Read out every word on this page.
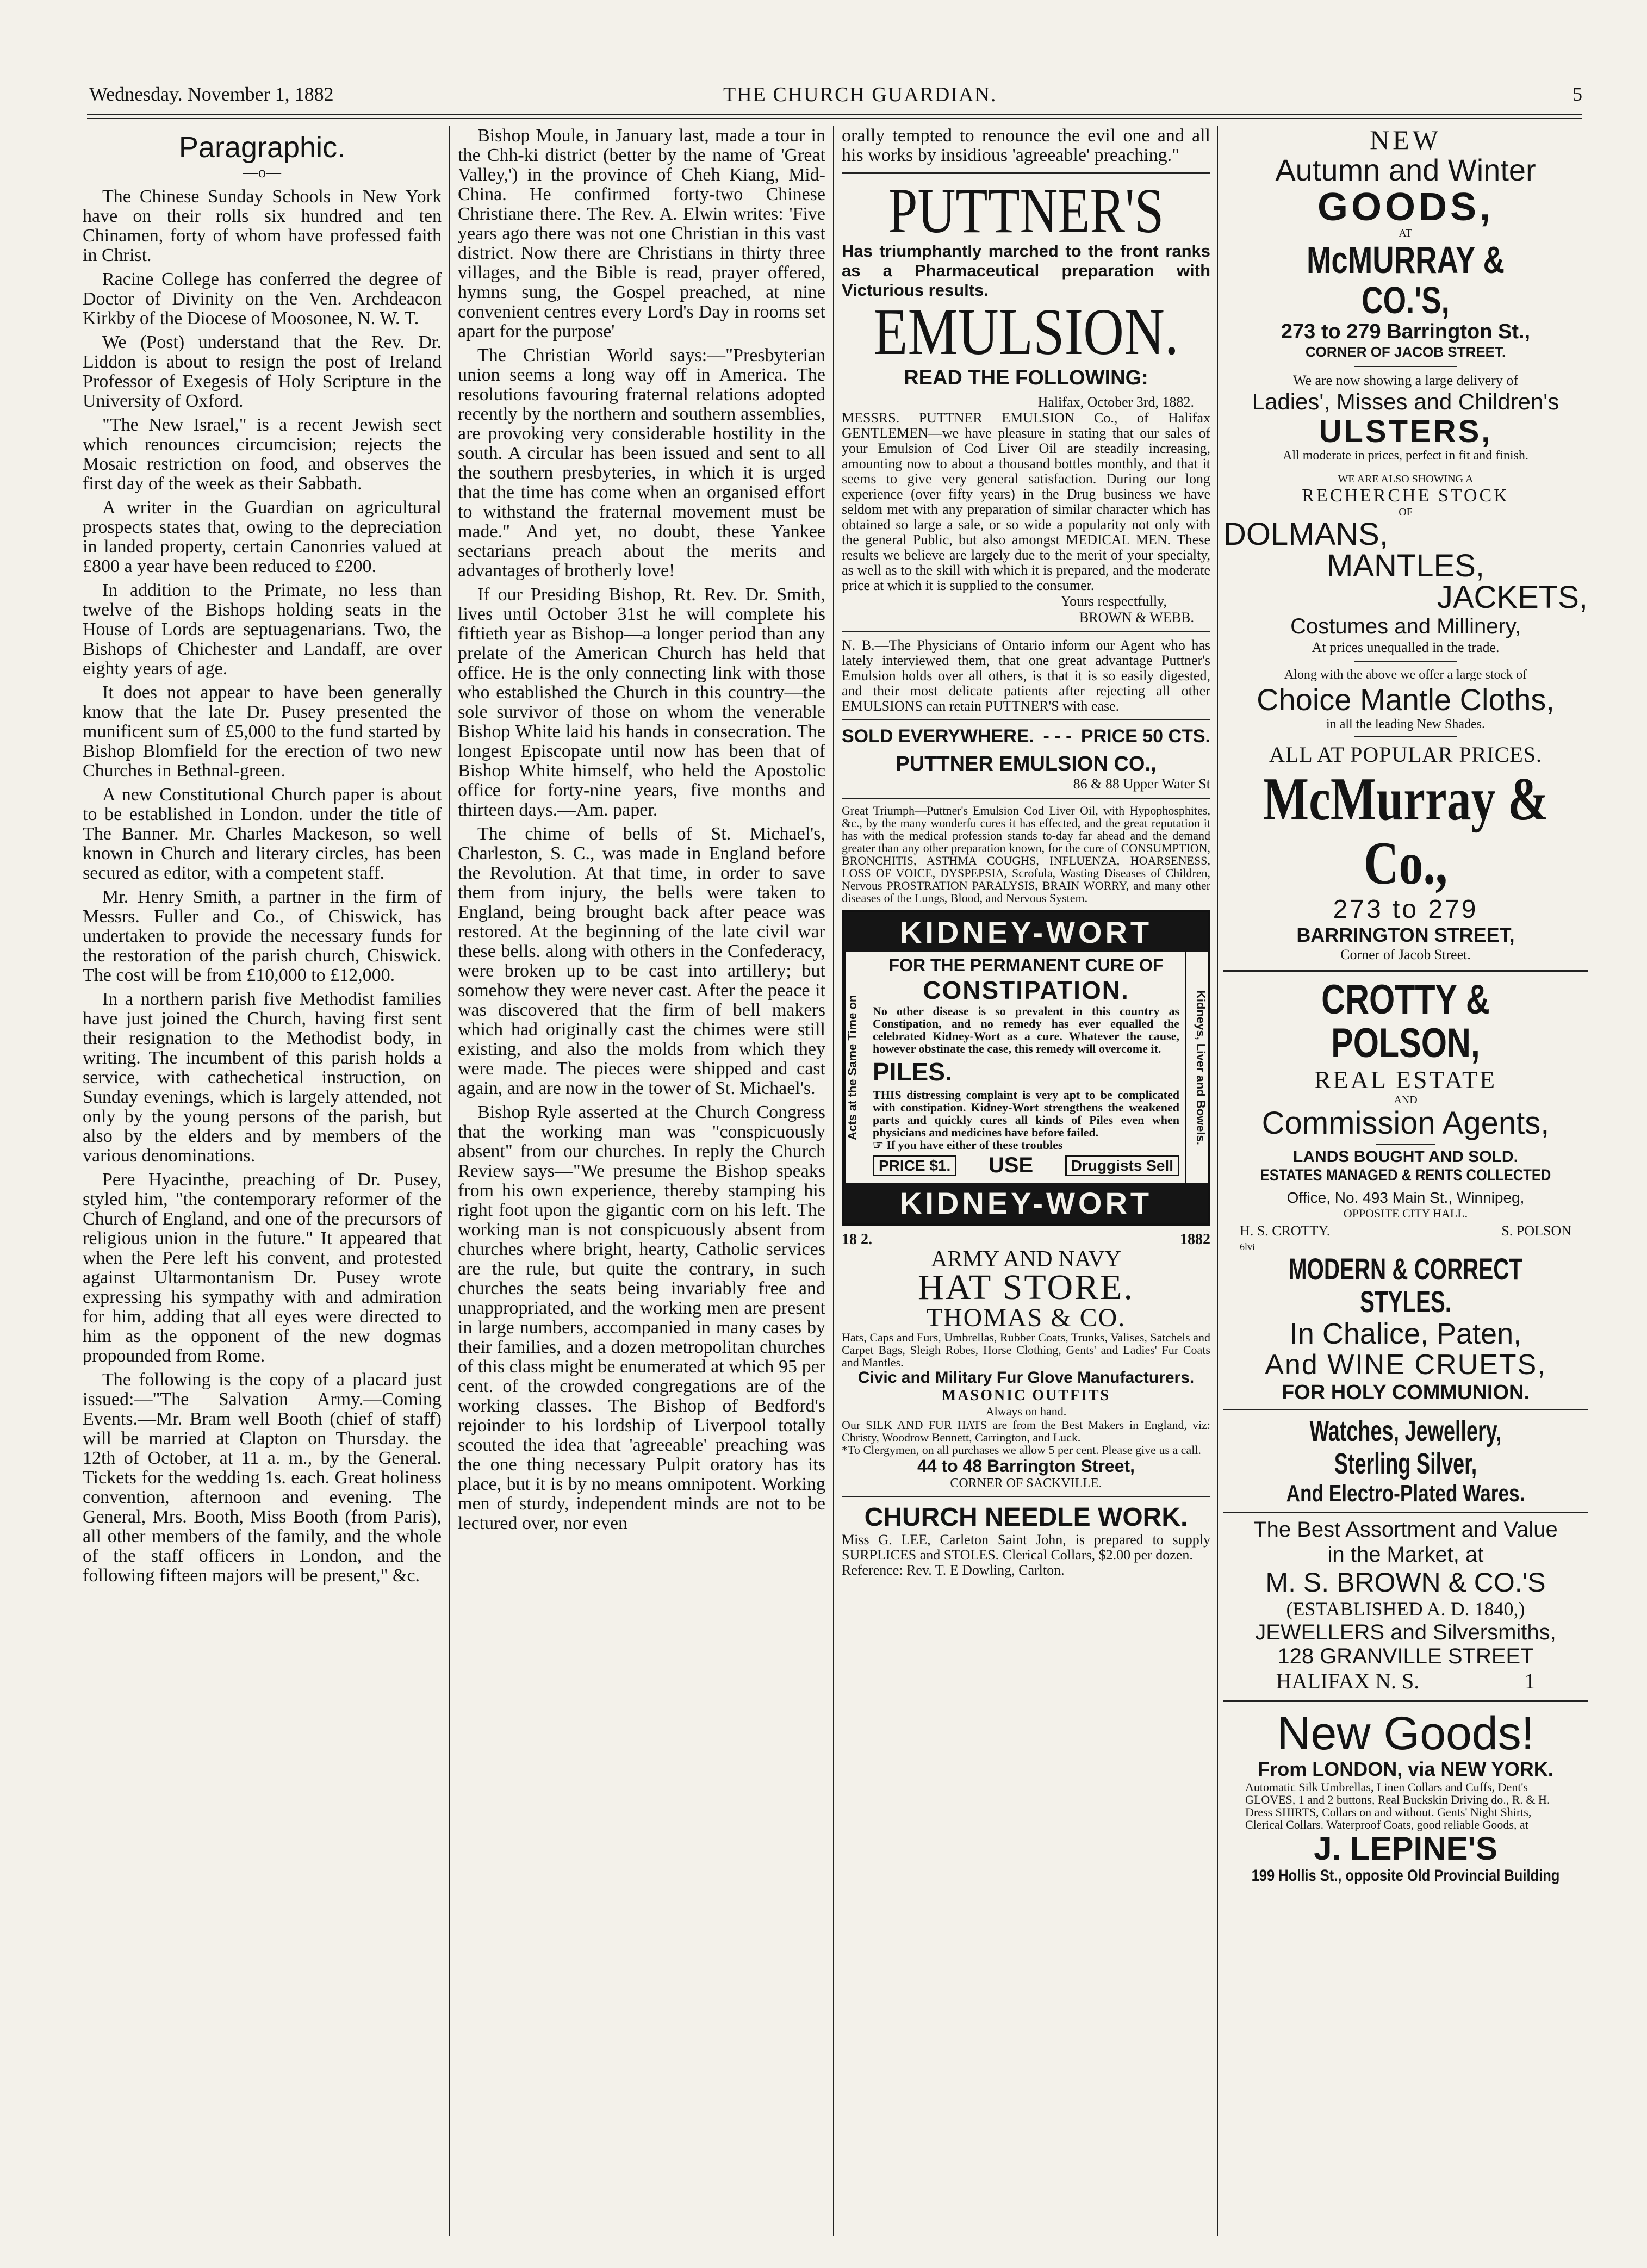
Wednesday. November 1, 1882	THE CHURCH GUARDIAN.	5
Paragraphic.
—o—

The Chinese Sunday Schools in New York have on their rolls six hundred and ten Chinamen, forty of whom have professed faith in Christ.

Racine College has conferred the degree of Doctor of Divinity on the Ven. Archdeacon Kirkby of the Diocese of Moosonee, N. W. T.

We (Post) understand that the Rev. Dr. Liddon is about to resign the post of Ireland Professor of Exegesis of Holy Scripture in the University of Oxford.

"The New Israel," is a recent Jewish sect which renounces circumcision; rejects the Mosaic restriction on food, and observes the first day of the week as their Sabbath.

A writer in the Guardian on agricultural prospects states that, owing to the depreciation in landed property, certain Canonries valued at £800 a year have been reduced to £200.

In addition to the Primate, no less than twelve of the Bishops holding seats in the House of Lords are septuagenarians. Two, the Bishops of Chichester and Landaff, are over eighty years of age.

It does not appear to have been generally know that the late Dr. Pusey presented the munificent sum of £5,000 to the fund started by Bishop Blomfield for the erection of two new Churches in Bethnal-green.

A new Constitutional Church paper is about to be established in London. under the title of The Banner. Mr. Charles Mackeson, so well known in Church and literary circles, has been secured as editor, with a competent staff.

Mr. Henry Smith, a partner in the firm of Messrs. Fuller and Co., of Chiswick, has undertaken to provide the necessary funds for the restoration of the parish church, Chiswick. The cost will be from £10,000 to £12,000.

In a northern parish five Methodist families have just joined the Church, having first sent their resignation to the Methodist body, in writing. The incumbent of this parish holds a service, with cathechetical instruction, on Sunday evenings, which is largely attended, not only by the young persons of the parish, but also by the elders and by members of the various denominations.

Pere Hyacinthe, preaching of Dr. Pusey, styled him, "the contemporary reformer of the Church of England, and one of the precursors of religious union in the future." It appeared that when the Pere left his convent, and protested against Ultarmontanism Dr. Pusey wrote expressing his sympathy with and admiration for him, adding that all eyes were directed to him as the opponent of the new dogmas propounded from Rome.

The following is the copy of a placard just issued:—"The Salvation Army.—Coming Events.—Mr. Bram well Booth (chief of staff) will be married at Clapton on Thursday. the 12th of October, at 11 a. m., by the General. Tickets for the wedding 1s. each. Great holiness convention, afternoon and evening. The General, Mrs. Booth, Miss Booth (from Paris), all other members of the family, and the whole of the staff officers in London, and the following fifteen majors will be present," &c.

Bishop Moule, in January last, made a tour in the Chh-ki district (better by the name of 'Great Valley,') in the province of Cheh Kiang, Mid-China. He confirmed forty-two Chinese Christiane there. The Rev. A. Elwin writes: 'Five years ago there was not one Christian in this vast district. Now there are Christians in thirty three villages, and the Bible is read, prayer offered, hymns sung, the Gospel preached, at nine convenient centres every Lord's Day in rooms set apart for the purpose'

The Christian World says:—"Presbyterian union seems a long way off in America. The resolutions favouring fraternal relations adopted recently by the northern and southern assemblies, are provoking very considerable hostility in the south. A circular has been issued and sent to all the southern presbyteries, in which it is urged that the time has come when an organised effort to withstand the fraternal movement must be made." And yet, no doubt, these Yankee sectarians preach about the merits and advantages of brotherly love!

If our Presiding Bishop, Rt. Rev. Dr. Smith, lives until October 31st he will complete his fiftieth year as Bishop—a longer period than any prelate of the American Church has held that office. He is the only connecting link with those who established the Church in this country—the sole survivor of those on whom the venerable Bishop White laid his hands in consecration. The longest Episcopate until now has been that of Bishop White himself, who held the Apostolic office for forty-nine years, five months and thirteen days.—Am. paper.

The chime of bells of St. Michael's, Charleston, S. C., was made in England before the Revolution. At that time, in order to save them from injury, the bells were taken to England, being brought back after peace was restored. At the beginning of the late civil war these bells. along with others in the Confederacy, were broken up to be cast into artillery; but somehow they were never cast. After the peace it was discovered that the firm of bell makers which had originally cast the chimes were still existing, and also the molds from which they were made. The pieces were shipped and cast again, and are now in the tower of St. Michael's.

Bishop Ryle asserted at the Church Congress that the working man was "conspicuously absent" from our churches. In reply the Church Review says—"We presume the Bishop speaks from his own experience, thereby stamping his right foot upon the gigantic corn on his left. The working man is not conspicuously absent from churches where bright, hearty, Catholic services are the rule, but quite the contrary, in such churches the seats being invariably free and unappropriated, and the working men are present in large numbers, accompanied in many cases by their families, and a dozen metropolitan churches of this class might be enumerated at which 95 per cent. of the crowded congregations are of the working classes. The Bishop of Bedford's rejoinder to his lordship of Liverpool totally scouted the idea that 'agreeable' preaching was the one thing necessary Pulpit oratory has its place, but it is by no means omnipotent. Working men of sturdy, independent minds are not to be lectured over, nor even

orally tempted to renounce the evil one and all his works by insidious 'agreeable' preaching."

PUTTNER'S
Has triumphantly marched to the front ranks as a Pharmaceutical preparation with Victurious results.
EMULSION.
READ THE FOLLOWING:
Halifax, October 3rd, 1882.

MESSRS. PUTTNER EMULSION Co., of Halifax GENTLEMEN—we have pleasure in stating that our sales of your Emulsion of Cod Liver Oil are steadily increasing, amounting now to about a thousand bottles monthly, and that it seems to give very general satisfaction. During our long experience (over fifty years) in the Drug business we have seldom met with any preparation of similar character which has obtained so large a sale, or so wide a popularity not only with the general Public, but also amongst MEDICAL MEN. These results we believe are largely due to the merit of your specialty, as well as to the skill with which it is prepared, and the moderate price at which it is supplied to the consumer.

Yours respectfully,
BROWN & WEBB.

N. B.—The Physicians of Ontario inform our Agent who has lately interviewed them, that one great advantage Puttner's Emulsion holds over all others, is that it is so easily digested, and their most delicate patients after rejecting all other EMULSIONS can retain PUTTNER'S with ease.

SOLD EVERYWHERE. - - - PRICE 50 CTS.
PUTTNER EMULSION CO.,
86 & 88 Upper Water St

Great Triumph—Puttner's Emulsion Cod Liver Oil, with Hypophosphites, &c., by the many wonderfu cures it has effected, and the great reputation it has with the medical profession stands to-day far ahead and the demand greater than any other preparation known, for the cure of CONSUMPTION, BRONCHITIS, ASTHMA COUGHS, INFLUENZA, HOARSENESS, LOSS OF VOICE, DYSPEPSIA, Scrofula, Wasting Diseases of Children, Nervous PROSTRATION PARALYSIS, BRAIN WORRY, and many other diseases of the Lungs, Blood, and Nervous System.

KIDNEY-WORT
Acts at the Same Time on
FOR THE PERMANENT CURE OF
CONSTIPATION.

No other disease is so prevalent in this country as Constipation, and no remedy has ever equalled the celebrated Kidney-Wort as a cure. Whatever the cause, however obstinate the case, this remedy will overcome it.

PILES.

THIS distressing complaint is very apt to be complicated with constipation. Kidney-Wort strengthens the weakened parts and quickly cures all kinds of Piles even when physicians and medicines have before failed.

☞ If you have either of these troubles
PRICE $1. USE	Druggists Sell
Kidneys, Liver and Bowels.
KIDNEY-WORT
18 2.	1882
ARMY AND NAVY
HAT STORE.
THOMAS & CO.

Hats, Caps and Furs, Umbrellas, Rubber Coats, Trunks, Valises, Satchels and Carpet Bags, Sleigh Robes, Horse Clothing, Gents' and Ladies' Fur Coats and Mantles.

Civic and Military Fur Glove Manufacturers.
MASONIC OUTFITS
Always on hand.

Our SILK AND FUR HATS are from the Best Makers in England, viz: Christy, Woodrow Bennett, Carrington, and Luck.

*To Clergymen, on all purchases we allow 5 per cent. Please give us a call.

44 to 48 Barrington Street,
CORNER OF SACKVILLE.
CHURCH NEEDLE WORK.

Miss G. LEE, Carleton Saint John, is prepared to supply SURPLICES and STOLES. Clerical Collars, $2.00 per dozen.

Reference: Rev. T. E Dowling, Carlton.

NEW
Autumn and Winter
GOODS,
— AT —
McMURRAY & CO.'S,
273 to 279 Barrington St.,
CORNER OF JACOB STREET.
We are now showing a large delivery of
Ladies', Misses and Children's
ULSTERS,
All moderate in prices, perfect in fit and finish.
WE ARE ALSO SHOWING A
RECHERCHE STOCK
OF
DOLMANS,
MANTLES,
JACKETS,
Costumes and Millinery,
At prices unequalled in the trade.
Along with the above we offer a large stock of
Choice Mantle Cloths,
in all the leading New Shades.
ALL AT POPULAR PRICES.
McMurray & Co.,
273 to 279
BARRINGTON STREET,
Corner of Jacob Street.
CROTTY & POLSON,
REAL ESTATE
—AND—
Commission Agents,
LANDS BOUGHT AND SOLD.
ESTATES MANAGED & RENTS COLLECTED
Office, No. 493 Main St., Winnipeg,
OPPOSITE CITY HALL.
H. S. CROTTY.	S. POLSON
6lvi
MODERN & CORRECT STYLES.
In Chalice, Paten,
And WINE CRUETS,
FOR HOLY COMMUNION.
Watches, Jewellery, Sterling Silver,
And Electro-Plated Wares.
The Best Assortment and Value
in the Market, at
M. S. BROWN & CO.'S
(ESTABLISHED A. D. 1840,)
JEWELLERS and Silversmiths,
128 GRANVILLE STREET
HALIFAX N. S.	1
New Goods!
From LONDON, via NEW YORK.

Automatic Silk Umbrellas, Linen Collars and Cuffs, Dent's GLOVES, 1 and 2 buttons, Real Buckskin Driving do., R. & H. Dress SHIRTS, Collars on and without. Gents' Night Shirts, Clerical Collars. Waterproof Coats, good reliable Goods, at

J. LEPINE'S
199 Hollis St., opposite Old Provincial Building
